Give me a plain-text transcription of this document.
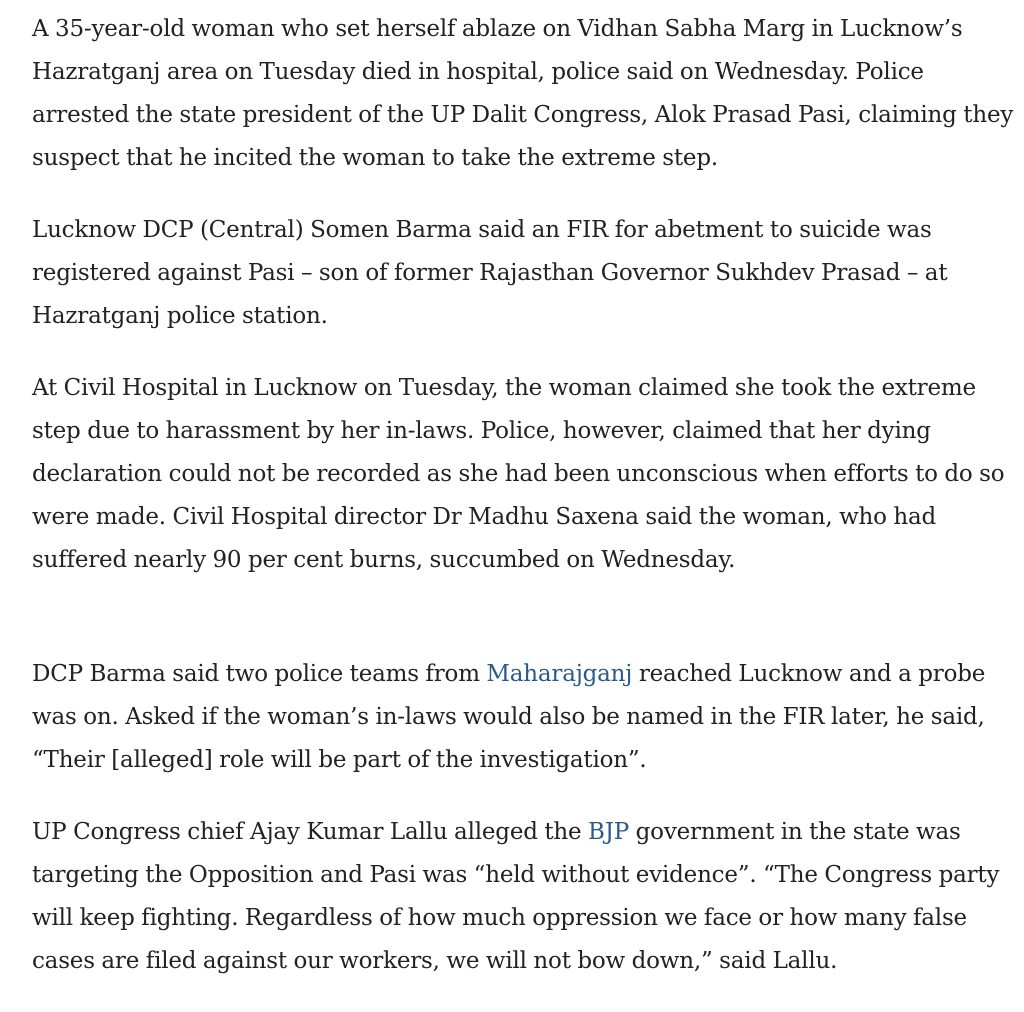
A 35-year-old woman who set herself ablaze on Vidhan Sabha Marg in Lucknow’s Hazratganj area on Tuesday died in hospital, police said on Wednesday. Police arrested the state president of the UP Dalit Congress, Alok Prasad Pasi, claiming they suspect that he incited the woman to take the extreme step.

Lucknow DCP (Central) Somen Barma said an FIR for abetment to suicide was registered against Pasi – son of former Rajasthan Governor Sukhdev Prasad – at Hazratganj police station.

At Civil Hospital in Lucknow on Tuesday, the woman claimed she took the extreme step due to harassment by her in-laws. Police, however, claimed that her dying declaration could not be recorded as she had been unconscious when efforts to do so were made. Civil Hospital director Dr Madhu Saxena said the woman, who had suffered nearly 90 per cent burns, succumbed on Wednesday.

DCP Barma said two police teams from Maharajganj reached Lucknow and a probe was on. Asked if the woman’s in-laws would also be named in the FIR later, he said, “Their [alleged] role will be part of the investigation”.

UP Congress chief Ajay Kumar Lallu alleged the BJP government in the state was targeting the Opposition and Pasi was “held without evidence”. “The Congress party will keep fighting. Regardless of how much oppression we face or how many false cases are filed against our workers, we will not bow down,” said Lallu.
